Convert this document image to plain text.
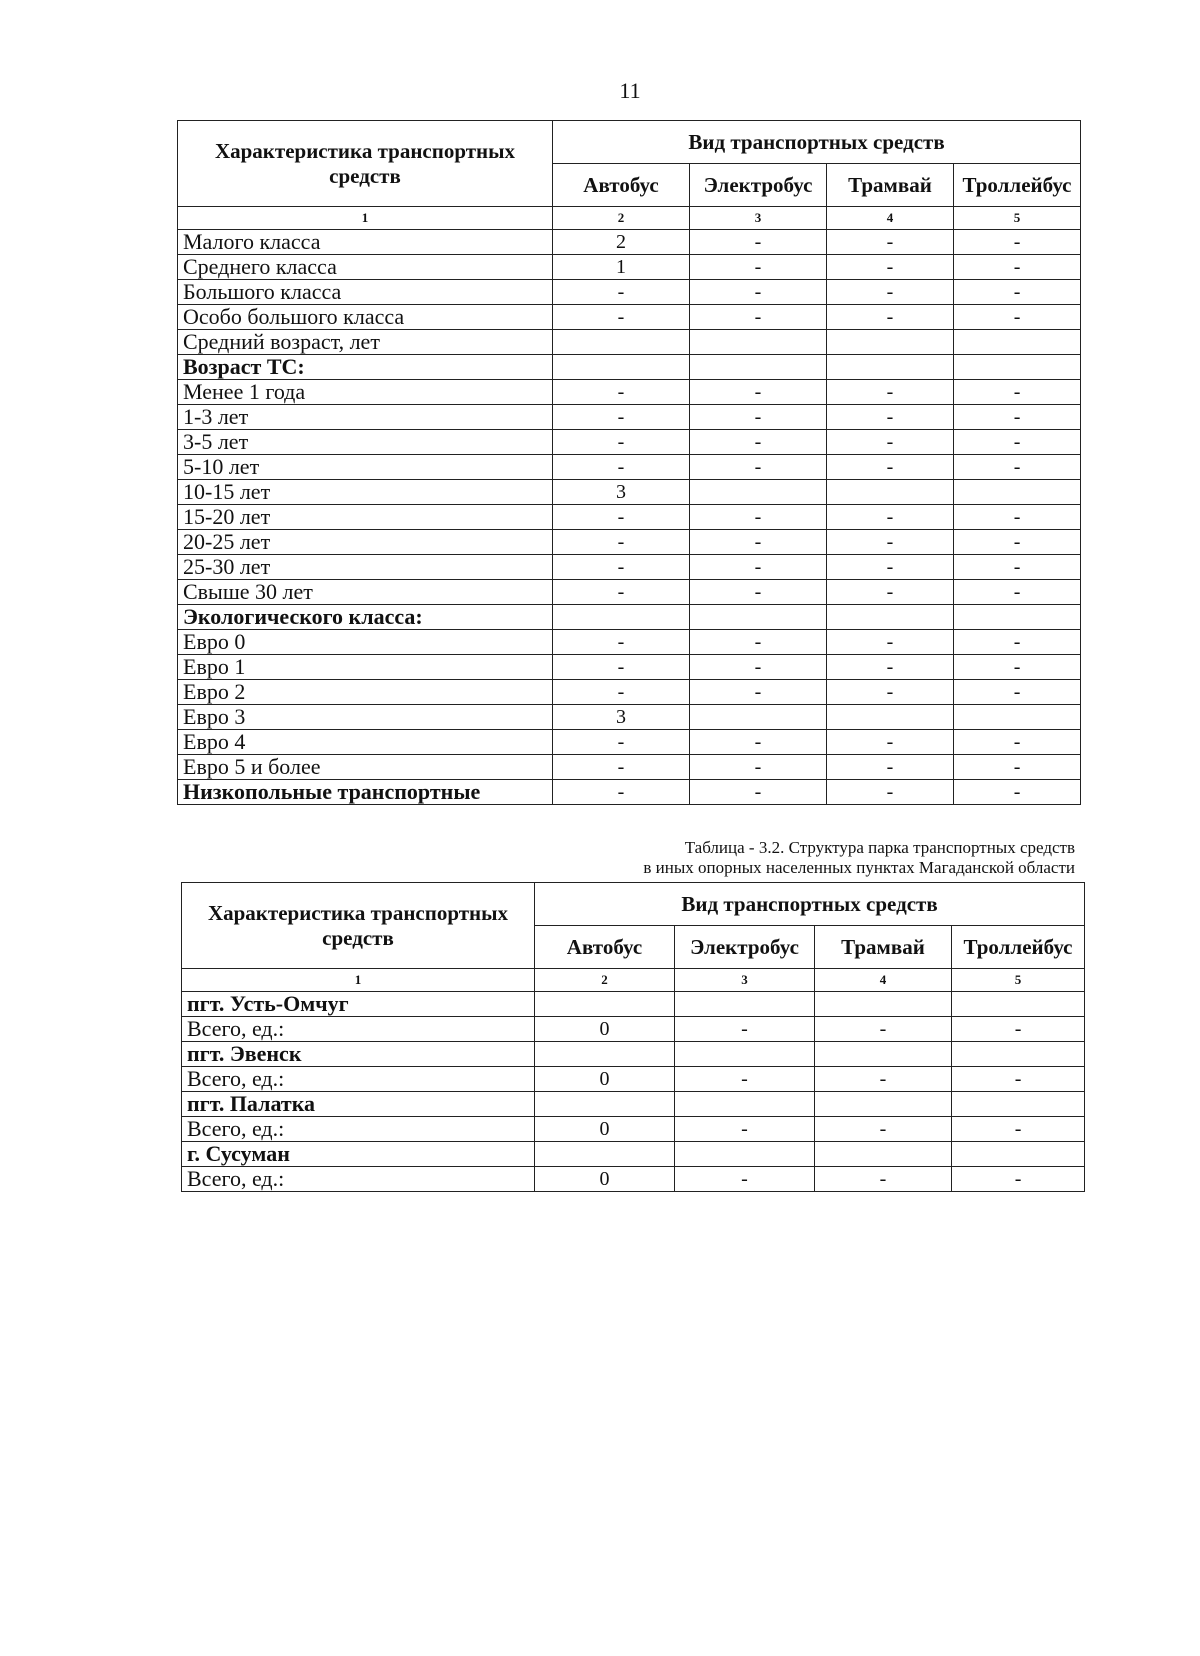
11
Характеристика транспортных средств	Вид транспортных средств			
	Автобус	Электробус	Трамвай	Троллейбус
1	2	3	4	5
Малого класса	2	-	-	-
Среднего класса	1	-	-	-
Большого класса	-	-	-	-
Особо большого класса	-	-	-	-
Средний возраст, лет				
Возраст ТС:				
Менее 1 года	-	-	-	-
1-3 лет	-	-	-	-
3-5 лет	-	-	-	-
5-10 лет	-	-	-	-
10-15 лет	3			
15-20 лет	-	-	-	-
20-25 лет	-	-	-	-
25-30 лет	-	-	-	-
Свыше 30 лет	-	-	-	-
Экологического класса:				
Евро 0	-	-	-	-
Евро 1	-	-	-	-
Евро 2	-	-	-	-
Евро 3	3			
Евро 4	-	-	-	-
Евро 5 и более	-	-	-	-
Низкопольные транспортные	-	-	-	-
Таблица - 3.2. Структура парка транспортных средств
в иных опорных населенных пунктах Магаданской области
Характеристика транспортных средств	Вид транспортных средств			
	Автобус	Электробус	Трамвай	Троллейбус
1	2	3	4	5
пгт. Усть-Омчуг				
Всего, ед.:	0	-	-	-
пгт. Эвенск				
Всего, ед.:	0	-	-	-
пгт. Палатка				
Всего, ед.:	0	-	-	-
г. Сусуман				
Всего, ед.:	0	-	-	-
